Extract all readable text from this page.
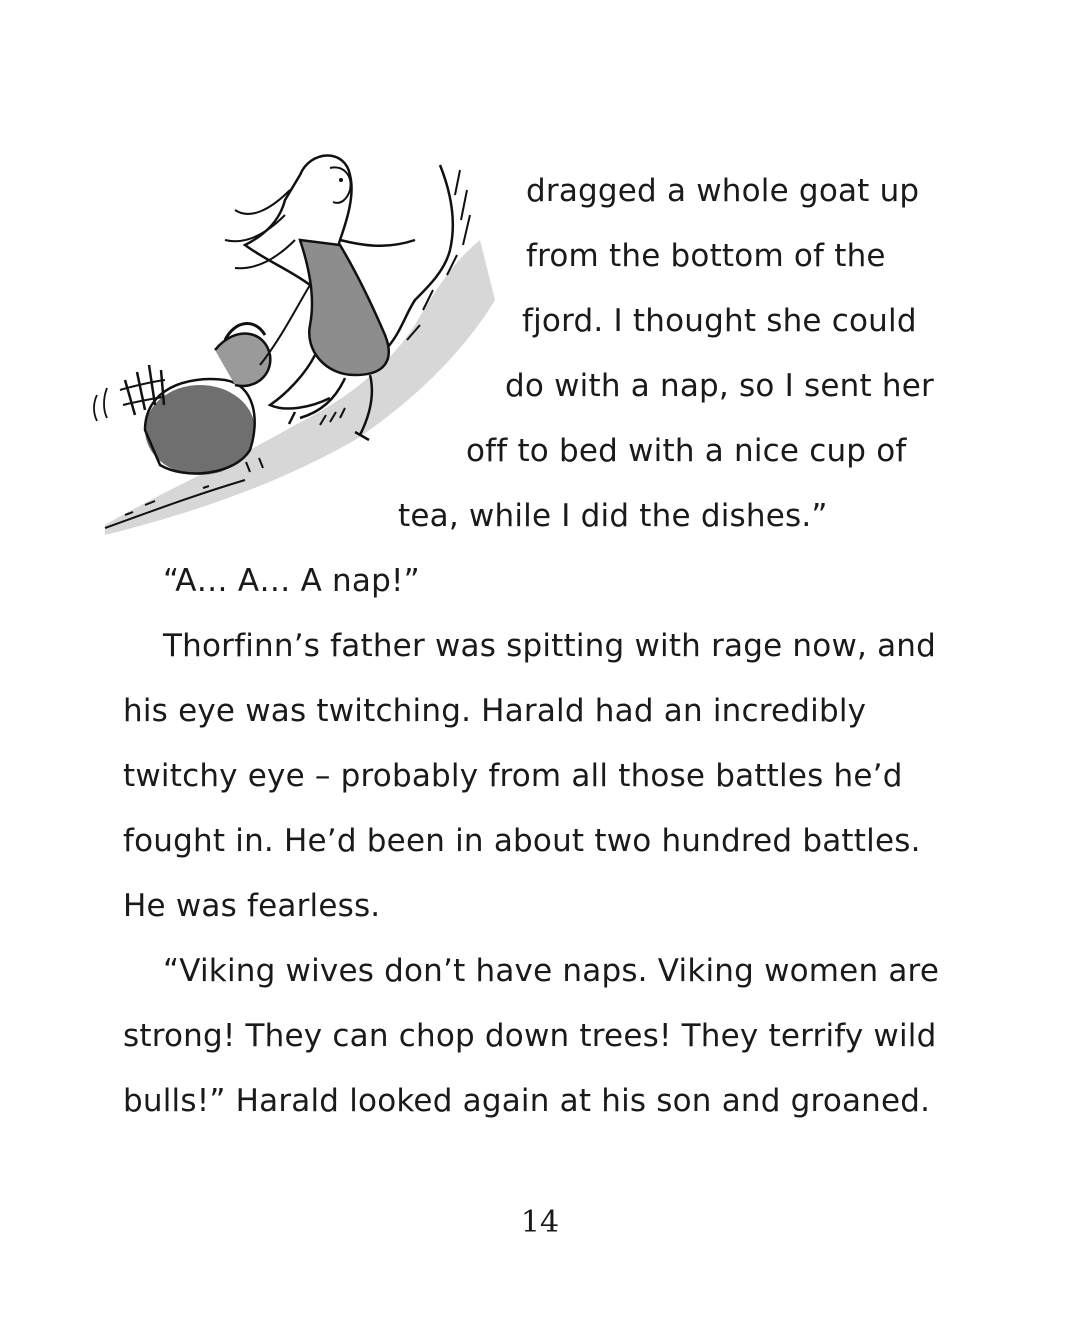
dragged a whole goat up
from the bottom of the
fjord. I thought she could
do with a nap, so I sent her
off to bed with a nice cup of
tea, while I did the dishes.”
“A… A… A nap!”
Thorfinn’s father was spitting with rage now, and
his eye was twitching. Harald had an incredibly
twitchy eye – probably from all those battles he’d
fought in. He’d been in about two hundred battles.
He was fearless.
“Viking wives don’t have naps. Viking women are
strong! They can chop down trees! They terrify wild
bulls!” Harald looked again at his son and groaned.
14
